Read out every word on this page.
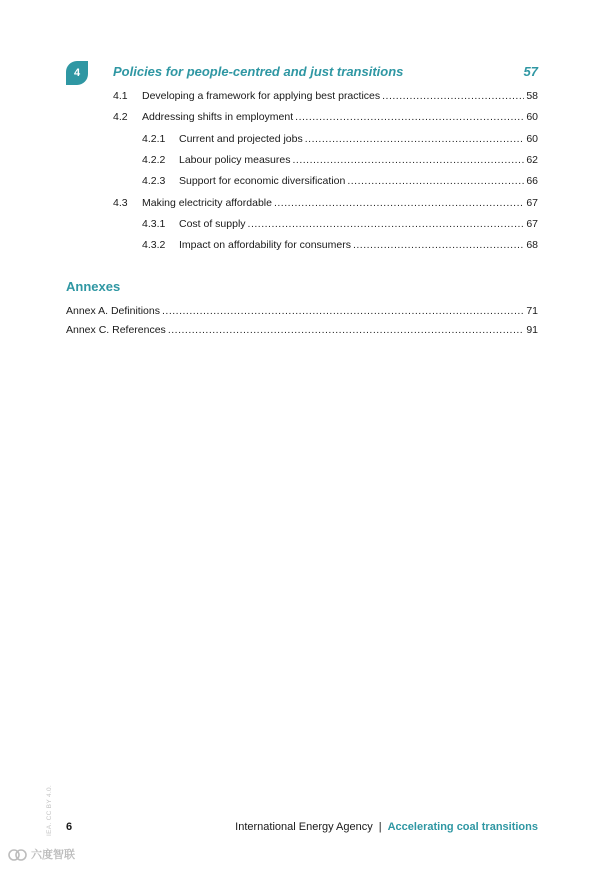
4	Policies for people-centred and just transitions	57
4.1	Developing a framework for applying best practices .....	58
4.2	Addressing shifts in employment .....	60
4.2.1	Current and projected jobs .....	60
4.2.2	Labour policy measures .....	62
4.2.3	Support for economic diversification .....	66
4.3	Making electricity affordable .....	67
4.3.1	Cost of supply .....	67
4.3.2	Impact on affordability for consumers .....	68
Annexes
Annex A. Definitions .....	71
Annex C. References .....	91
IEA. CC BY 4.0. 6	International Energy Agency | Accelerating coal transitions
六度智联
